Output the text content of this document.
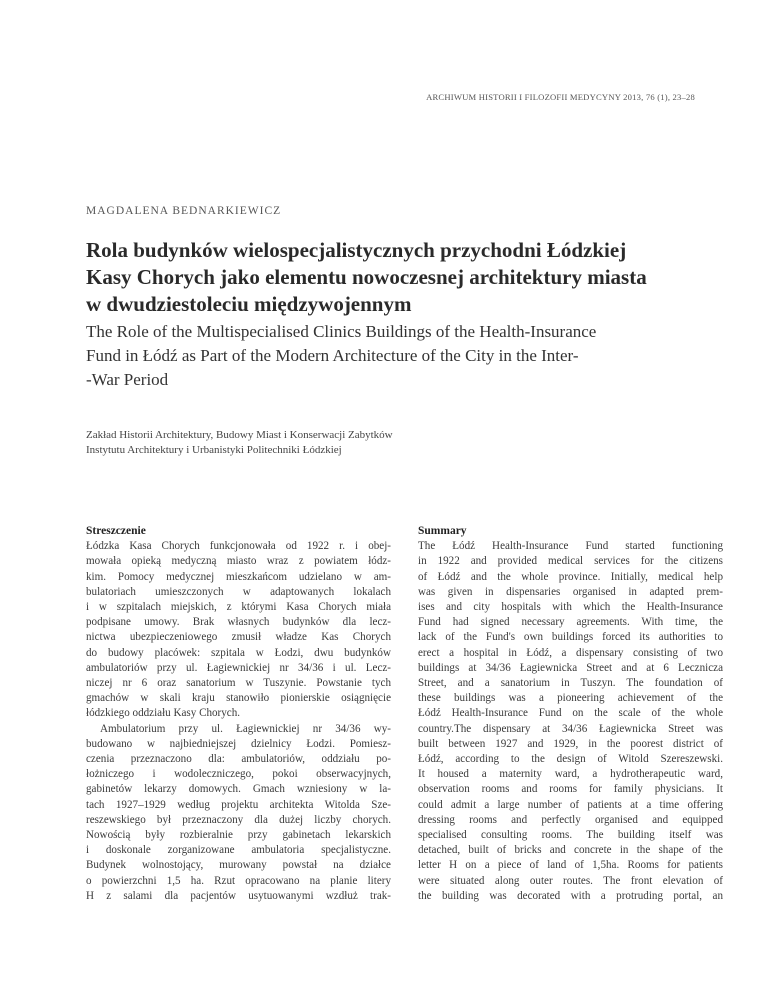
ARCHIWUM HISTORII I FILOZOFII MEDYCYNY 2013, 76 (1), 23–28
MAGDALENA BEDNARKIEWICZ
Rola budynków wielospecjalistycznych przychodni Łódzkiej
Kasy Chorych jako elementu nowoczesnej architektury miasta
w dwudziestoleciu międzywojennym
The Role of the Multispecialised Clinics Buildings of the Health-Insurance
Fund in Łódź as Part of the Modern Architecture of the City in the Inter-
-War Period
Zakład Historii Architektury, Budowy Miast i Konserwacji Zabytków
Instytutu Architektury i Urbanistyki Politechniki Łódzkiej
Streszczenie
Łódzka Kasa Chorych funkcjonowała od 1922 r. i obej-
mowała opieką medyczną miasto wraz z powiatem łódz-
kim. Pomocy medycznej mieszkańcom udzielano w am-
bulatoriach umieszczonych w adaptowanych lokalach
i w szpitalach miejskich, z którymi Kasa Chorych miała
podpisane umowy. Brak własnych budynków dla lecz-
nictwa ubezpieczeniowego zmusił władze Kas Chorych
do budowy placówek: szpitala w Łodzi, dwu budynków
ambulatoriów przy ul. Łagiewnickiej nr 34/36 i ul. Lecz-
niczej nr 6 oraz sanatorium w Tuszynie. Powstanie tych
gmachów w skali kraju stanowiło pionierskie osiągnięcie
łódzkiego oddziału Kasy Chorych.
Ambulatorium przy ul. Łagiewnickiej nr 34/36 wy-
budowano w najbiedniejszej dzielnicy Łodzi. Pomiesz-
czenia przeznaczono dla: ambulatoriów, oddziału po-
łożniczego i wodoleczniczego, pokoi obserwacyjnych,
gabinetów lekarzy domowych. Gmach wzniesiony w la-
tach 1927–1929 według projektu architekta Witolda Sze-
reszewskiego był przeznaczony dla dużej liczby chorych.
Nowością były rozbieralnie przy gabinetach lekarskich
i doskonale zorganizowane ambulatoria specjalistyczne.
Budynek wolnostojący, murowany powstał na działce
o powierzchni 1,5 ha. Rzut opracowano na planie litery
H z salami dla pacjentów usytuowanymi wzdłuż trak-
Summary
The Łódź Health-Insurance Fund started functioning
in 1922 and provided medical services for the citizens
of Łódź and the whole province. Initially, medical help
was given in dispensaries organised in adapted prem-
ises and city hospitals with which the Health-Insurance
Fund had signed necessary agreements. With time, the
lack of the Fund's own buildings forced its authorities to
erect a hospital in Łódź, a dispensary consisting of two
buildings at 34/36 Łagiewnicka Street and at 6 Lecznicza
Street, and a sanatorium in Tuszyn. The foundation of
these buildings was a pioneering achievement of the
Łódź Health-Insurance Fund on the scale of the whole
country.The dispensary at 34/36 Łagiewnicka Street was
built between 1927 and 1929, in the poorest district of
Łódź, according to the design of Witold Szereszewski.
It housed a maternity ward, a hydrotherapeutic ward,
observation rooms and rooms for family physicians. It
could admit a large number of patients at a time offering
dressing rooms and perfectly organised and equipped
specialised consulting rooms. The building itself was
detached, built of bricks and concrete in the shape of the
letter H on a piece of land of 1,5ha. Rooms for patients
were situated along outer routes. The front elevation of
the building was decorated with a protruding portal, an
